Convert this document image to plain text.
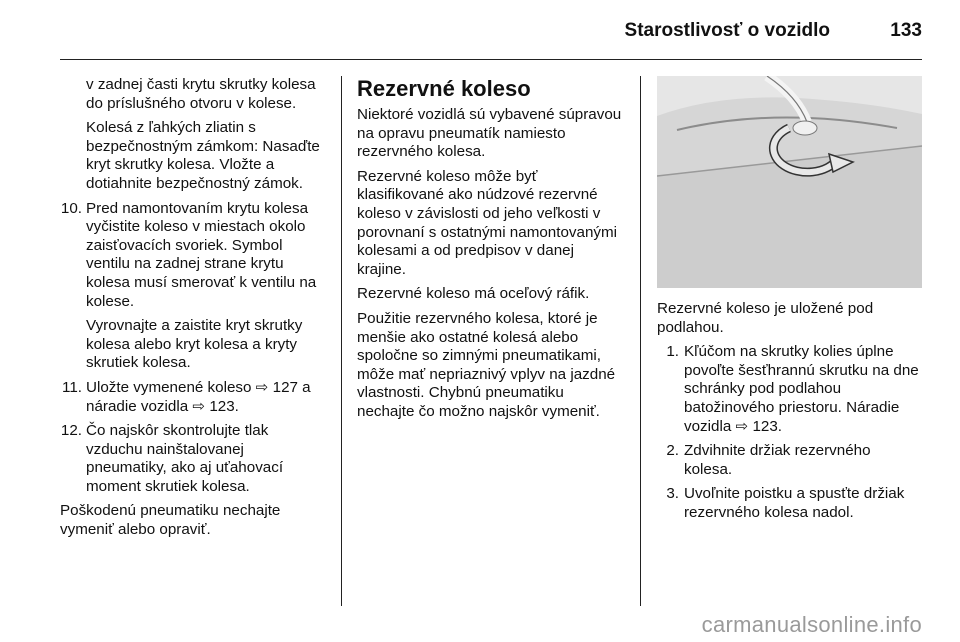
Starostlivosť o vozidlo	133

v zadnej časti krytu skrutky kolesa do príslušného otvoru v kolese.

Kolesá z ľahkých zliatin s bezpečnostným zámkom: Nasaďte kryt skrutky kolesa. Vložte a dotiahnite bezpečnostný zámok.

10. Pred namontovaním krytu kolesa vyčistite koleso v miestach okolo zaisťovacích svoriek. Symbol ventilu na zadnej strane krytu kolesa musí smerovať k ventilu na kolese.

Vyrovnajte a zaistite kryt skrutky kolesa alebo kryt kolesa a kryty skrutiek kolesa.

11. Uložte vymenené koleso ⇨ 127 a náradie vozidla ⇨ 123.
12. Čo najskôr skontrolujte tlak vzduchu nainštalovanej pneumatiky, ako aj uťahovací moment skrutiek kolesa.

Poškodenú pneumatiku nechajte vymeniť alebo opraviť.

Rezervné koleso

Niektoré vozidlá sú vybavené súpravou na opravu pneumatík namiesto rezervného kolesa.

Rezervné koleso môže byť klasifikované ako núdzové rezervné koleso v závislosti od jeho veľkosti v porovnaní s ostatnými namontovanými kolesami a od predpisov v danej krajine.

Rezervné koleso má oceľový ráfik.

Použitie rezervného kolesa, ktoré je menšie ako ostatné kolesá alebo spoločne so zimnými pneumatikami, môže mať nepriaznivý vplyv na jazdné vlastnosti. Chybnú pneumatiku nechajte čo možno najskôr vymeniť.

Rezervné koleso je uložené pod podlahou.

1. Kľúčom na skrutky kolies úplne povoľte šesťhrannú skrutku na dne schránky pod podlahou batožinového priestoru. Náradie vozidla ⇨ 123.
2. Zdvihnite držiak rezervného kolesa.
3. Uvoľnite poistku a spusťte držiak rezervného kolesa nadol.
carmanualsonline.info
